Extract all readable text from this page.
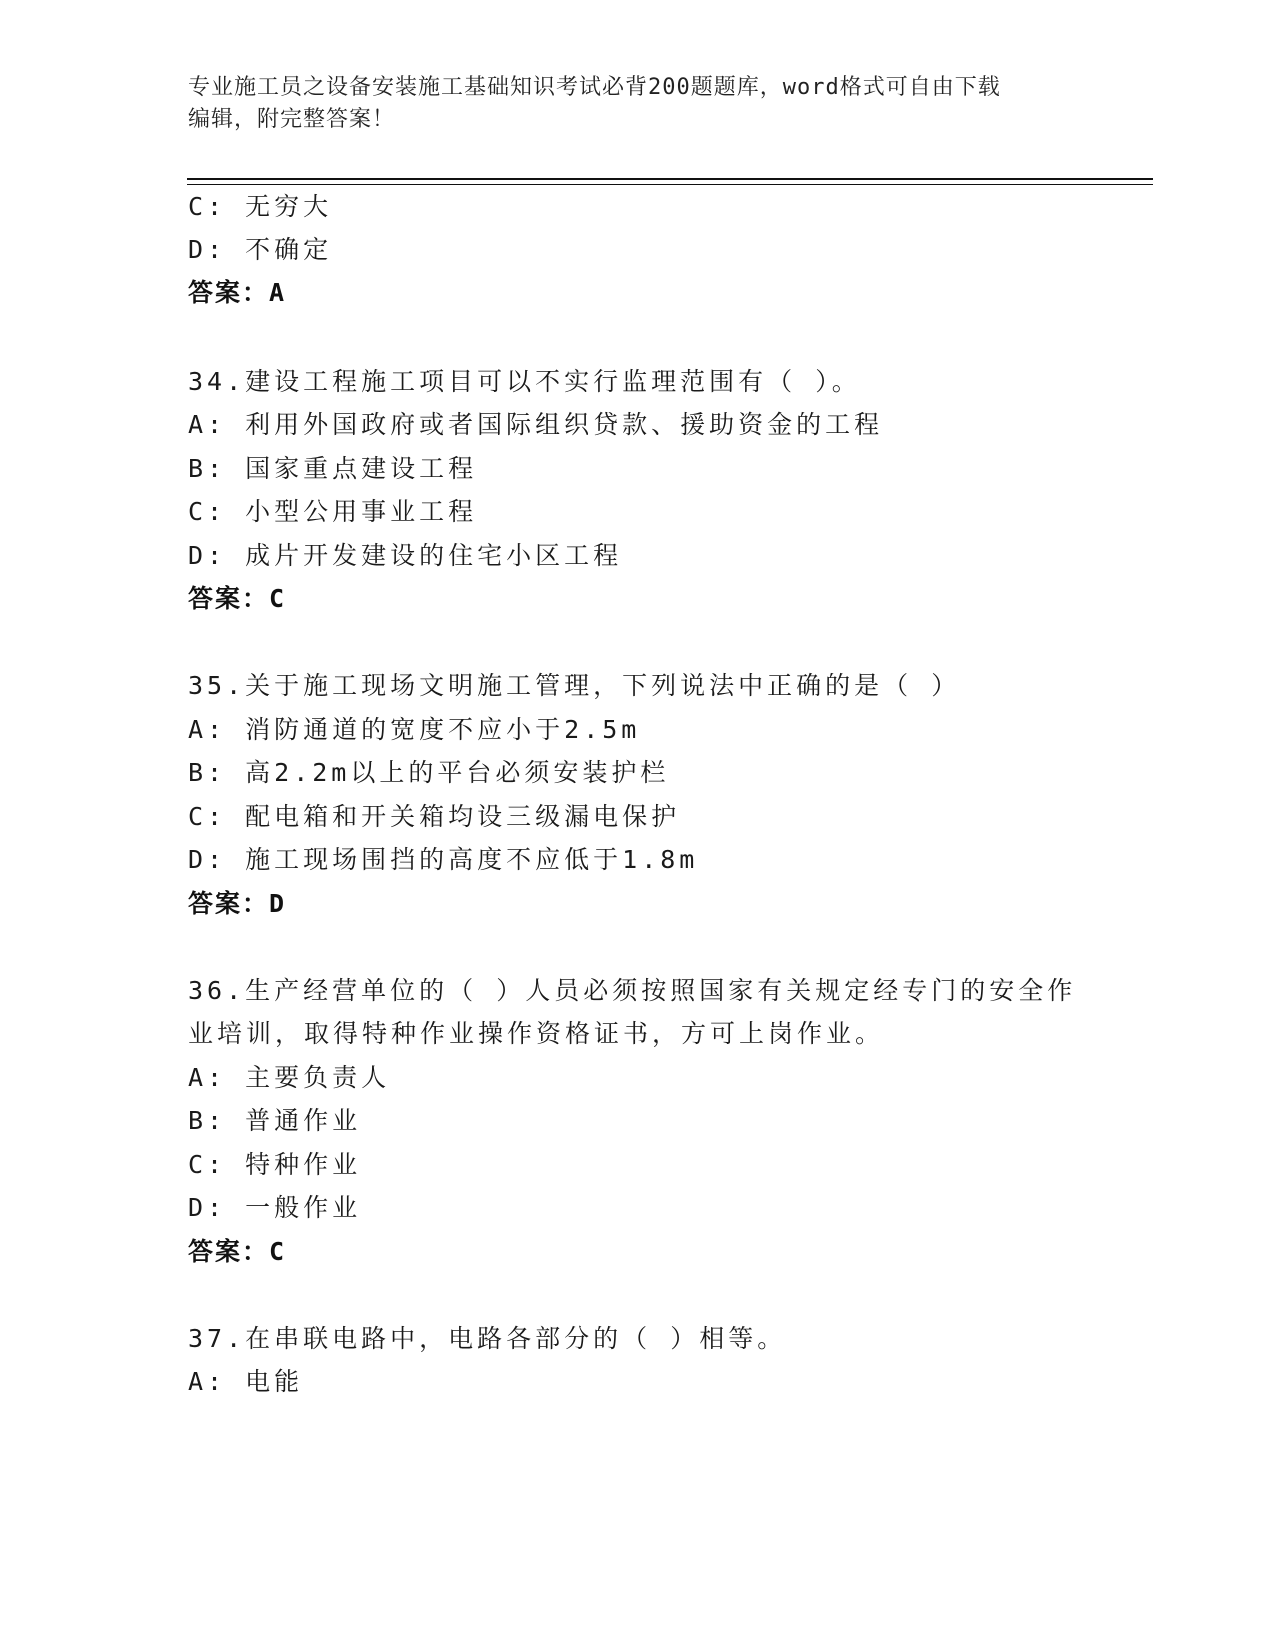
专业施工员之设备安装施工基础知识考试必背200题题库，word格式可自由下载
编辑，附完整答案！
C: 无穷大
D: 不确定
答案：A
34.建设工程施工项目可以不实行监理范围有（ ）。
A: 利用外国政府或者国际组织贷款、援助资金的工程
B: 国家重点建设工程
C: 小型公用事业工程
D: 成片开发建设的住宅小区工程
答案：C
35.关于施工现场文明施工管理，下列说法中正确的是（ ）
A: 消防通道的宽度不应小于2.5m
B: 高2.2m以上的平台必须安装护栏
C: 配电箱和开关箱均设三级漏电保护
D: 施工现场围挡的高度不应低于1.8m
答案：D
36.生产经营单位的（ ）人员必须按照国家有关规定经专门的安全作
业培训，取得特种作业操作资格证书，方可上岗作业。
A: 主要负责人
B: 普通作业
C: 特种作业
D: 一般作业
答案：C
37.在串联电路中，电路各部分的（ ）相等。
A: 电能
